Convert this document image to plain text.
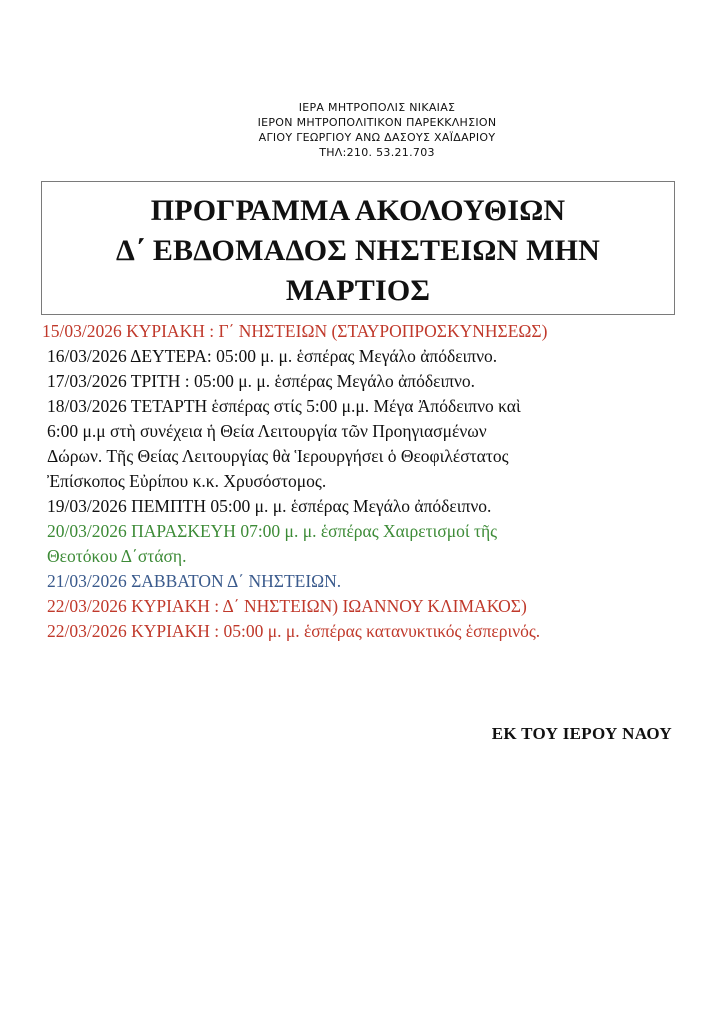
ΙΕΡΑ ΜΗΤΡΟΠΟΛΙΣ ΝΙΚΑΙΑΣ
ΙΕΡΟΝ ΜΗΤΡΟΠΟΛΙΤΙΚΟΝ ΠΑΡΕΚΚΛΗΣΙΟΝ
ΑΓΙΟΥ ΓΕΩΡΓΙΟΥ ΑΝΩ ΔΑΣΟΥΣ ΧΑΪΔΑΡΙΟΥ
ΤΗΛ:210. 53.21.703
ΠΡΟΓΡΑΜΜΑ ΑΚΟΛΟΥΘΙΩΝ
Δ΄ ΕΒΔΟΜΑΔΟΣ ΝΗΣΤΕΙΩΝ ΜΗΝ
ΜΑΡΤΙΟΣ
15/03/2026 ΚΥΡΙΑΚΗ : Γ΄ ΝΗΣΤΕΙΩΝ (ΣΤΑΥΡΟΠΡΟΣΚΥΝΗΣΕΩΣ)
16/03/2026 ΔΕΥΤΕΡΑ: 05:00 μ. μ. ἑσπέρας Μεγάλο ἀπόδειπνο.
17/03/2026 ΤΡΙΤΗ : 05:00 μ. μ. ἑσπέρας Μεγάλο ἀπόδειπνο.
18/03/2026 ΤΕΤΑΡΤΗ ἑσπέρας στίς 5:00 μ.μ. Μέγα Ἀπόδειπνο καὶ
6:00 μ.μ στὴ συνέχεια ἡ Θεία Λειτουργία τῶν Προηγιασμένων
Δώρων. Τῆς Θείας Λειτουργίας θὰ Ἱερουργήσει ὁ Θεοφιλέστατος
Ἐπίσκοπος Εὐρίπου κ.κ. Χρυσόστομος.
19/03/2026 ΠΕΜΠΤΗ 05:00 μ. μ. ἑσπέρας Μεγάλο ἀπόδειπνο.
20/03/2026 ΠΑΡΑΣΚΕΥΗ 07:00 μ. μ. ἑσπέρας Χαιρετισμοί τῆς
Θεοτόκου Δ΄στάση.
21/03/2026 ΣΑΒΒΑΤΟΝ Δ΄ ΝΗΣΤΕΙΩΝ.
22/03/2026 ΚΥΡΙΑΚΗ : Δ΄ ΝΗΣΤΕΙΩΝ) ΙΩΑΝΝΟΥ ΚΛΙΜΑΚΟΣ)
22/03/2026 ΚΥΡΙΑΚΗ : 05:00 μ. μ. ἑσπέρας κατανυκτικός ἑσπερινός.
ΕΚ ΤΟΥ ΙΕΡΟΥ ΝΑΟΥ
